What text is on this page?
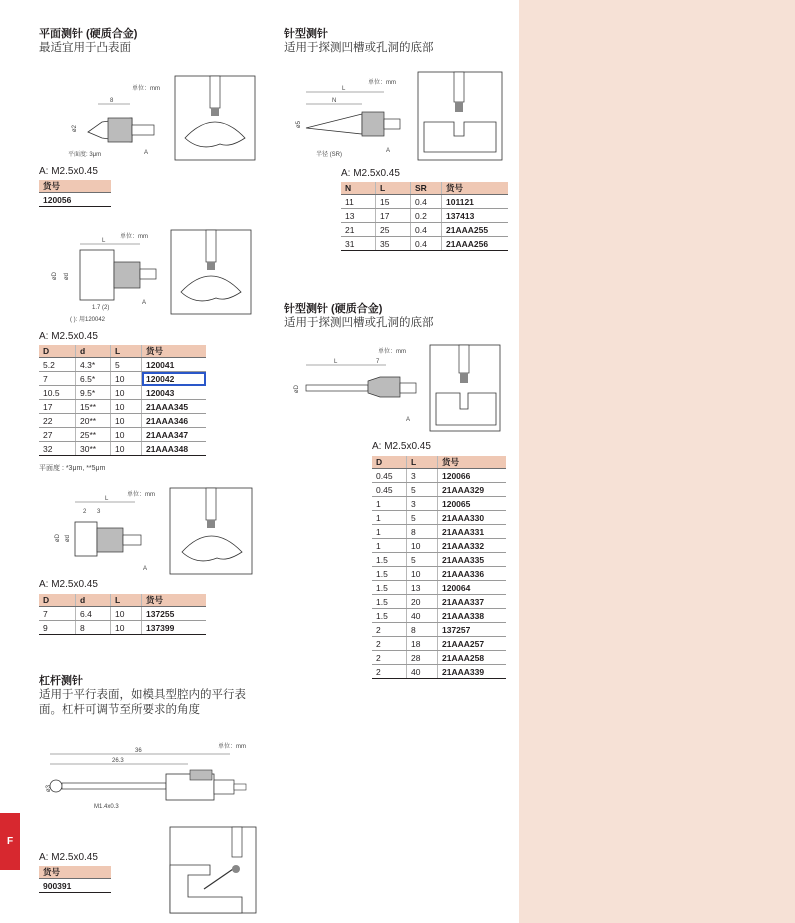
F
平面测针 (硬质合金)
最适宜用于凸表面
单位：mm
8
ø2
平面度: 3μm	A
A: M2.5x0.45
货号
120056
单位：mm
L
øD ød
1.7 (2)
( ): 用120042
A
A: M2.5x0.45
D	d	L	货号
5.2	4.3*	5	120041
7	6.5*	10	120042
10.5	9.5*	10	120043
17	15**	10	21AAA345
22	20**	10	21AAA346
27	25**	10	21AAA347
32	30**	10	21AAA348
平面度 : *3μm, **5μm
单位：mm
L
2 3
øD ød
A
A: M2.5x0.45
D	d	L	货号
7	6.4	10	137255
9	8	10	137399
杠杆测针
适用于平行表面，如模具型腔内的平行表
面。杠杆可调节至所要求的角度
单位：mm
36
26.3
ø3
M1.4x0.3
A: M2.5x0.45
货号
900391
针型测针
适用于探测凹槽或孔洞的底部
单位：mm
L
N
ø5
半径 (SR)
A
A: M2.5x0.45
N	L	SR	货号
11	15	0.4	101121
13	17	0.2	137413
21	25	0.4	21AAA255
31	35	0.4	21AAA256
针型测针 (硬质合金)
适用于探测凹槽或孔洞的底部
单位：mm
L	7
øD
A
A: M2.5x0.45
D	L	货号
0.45	3	120066
0.45	5	21AAA329
1	3	120065
1	5	21AAA330
1	8	21AAA331
1	10	21AAA332
1.5	5	21AAA335
1.5	10	21AAA336
1.5	13	120064
1.5	20	21AAA337
1.5	40	21AAA338
2	8	137257
2	18	21AAA257
2	28	21AAA258
2	40	21AAA339
